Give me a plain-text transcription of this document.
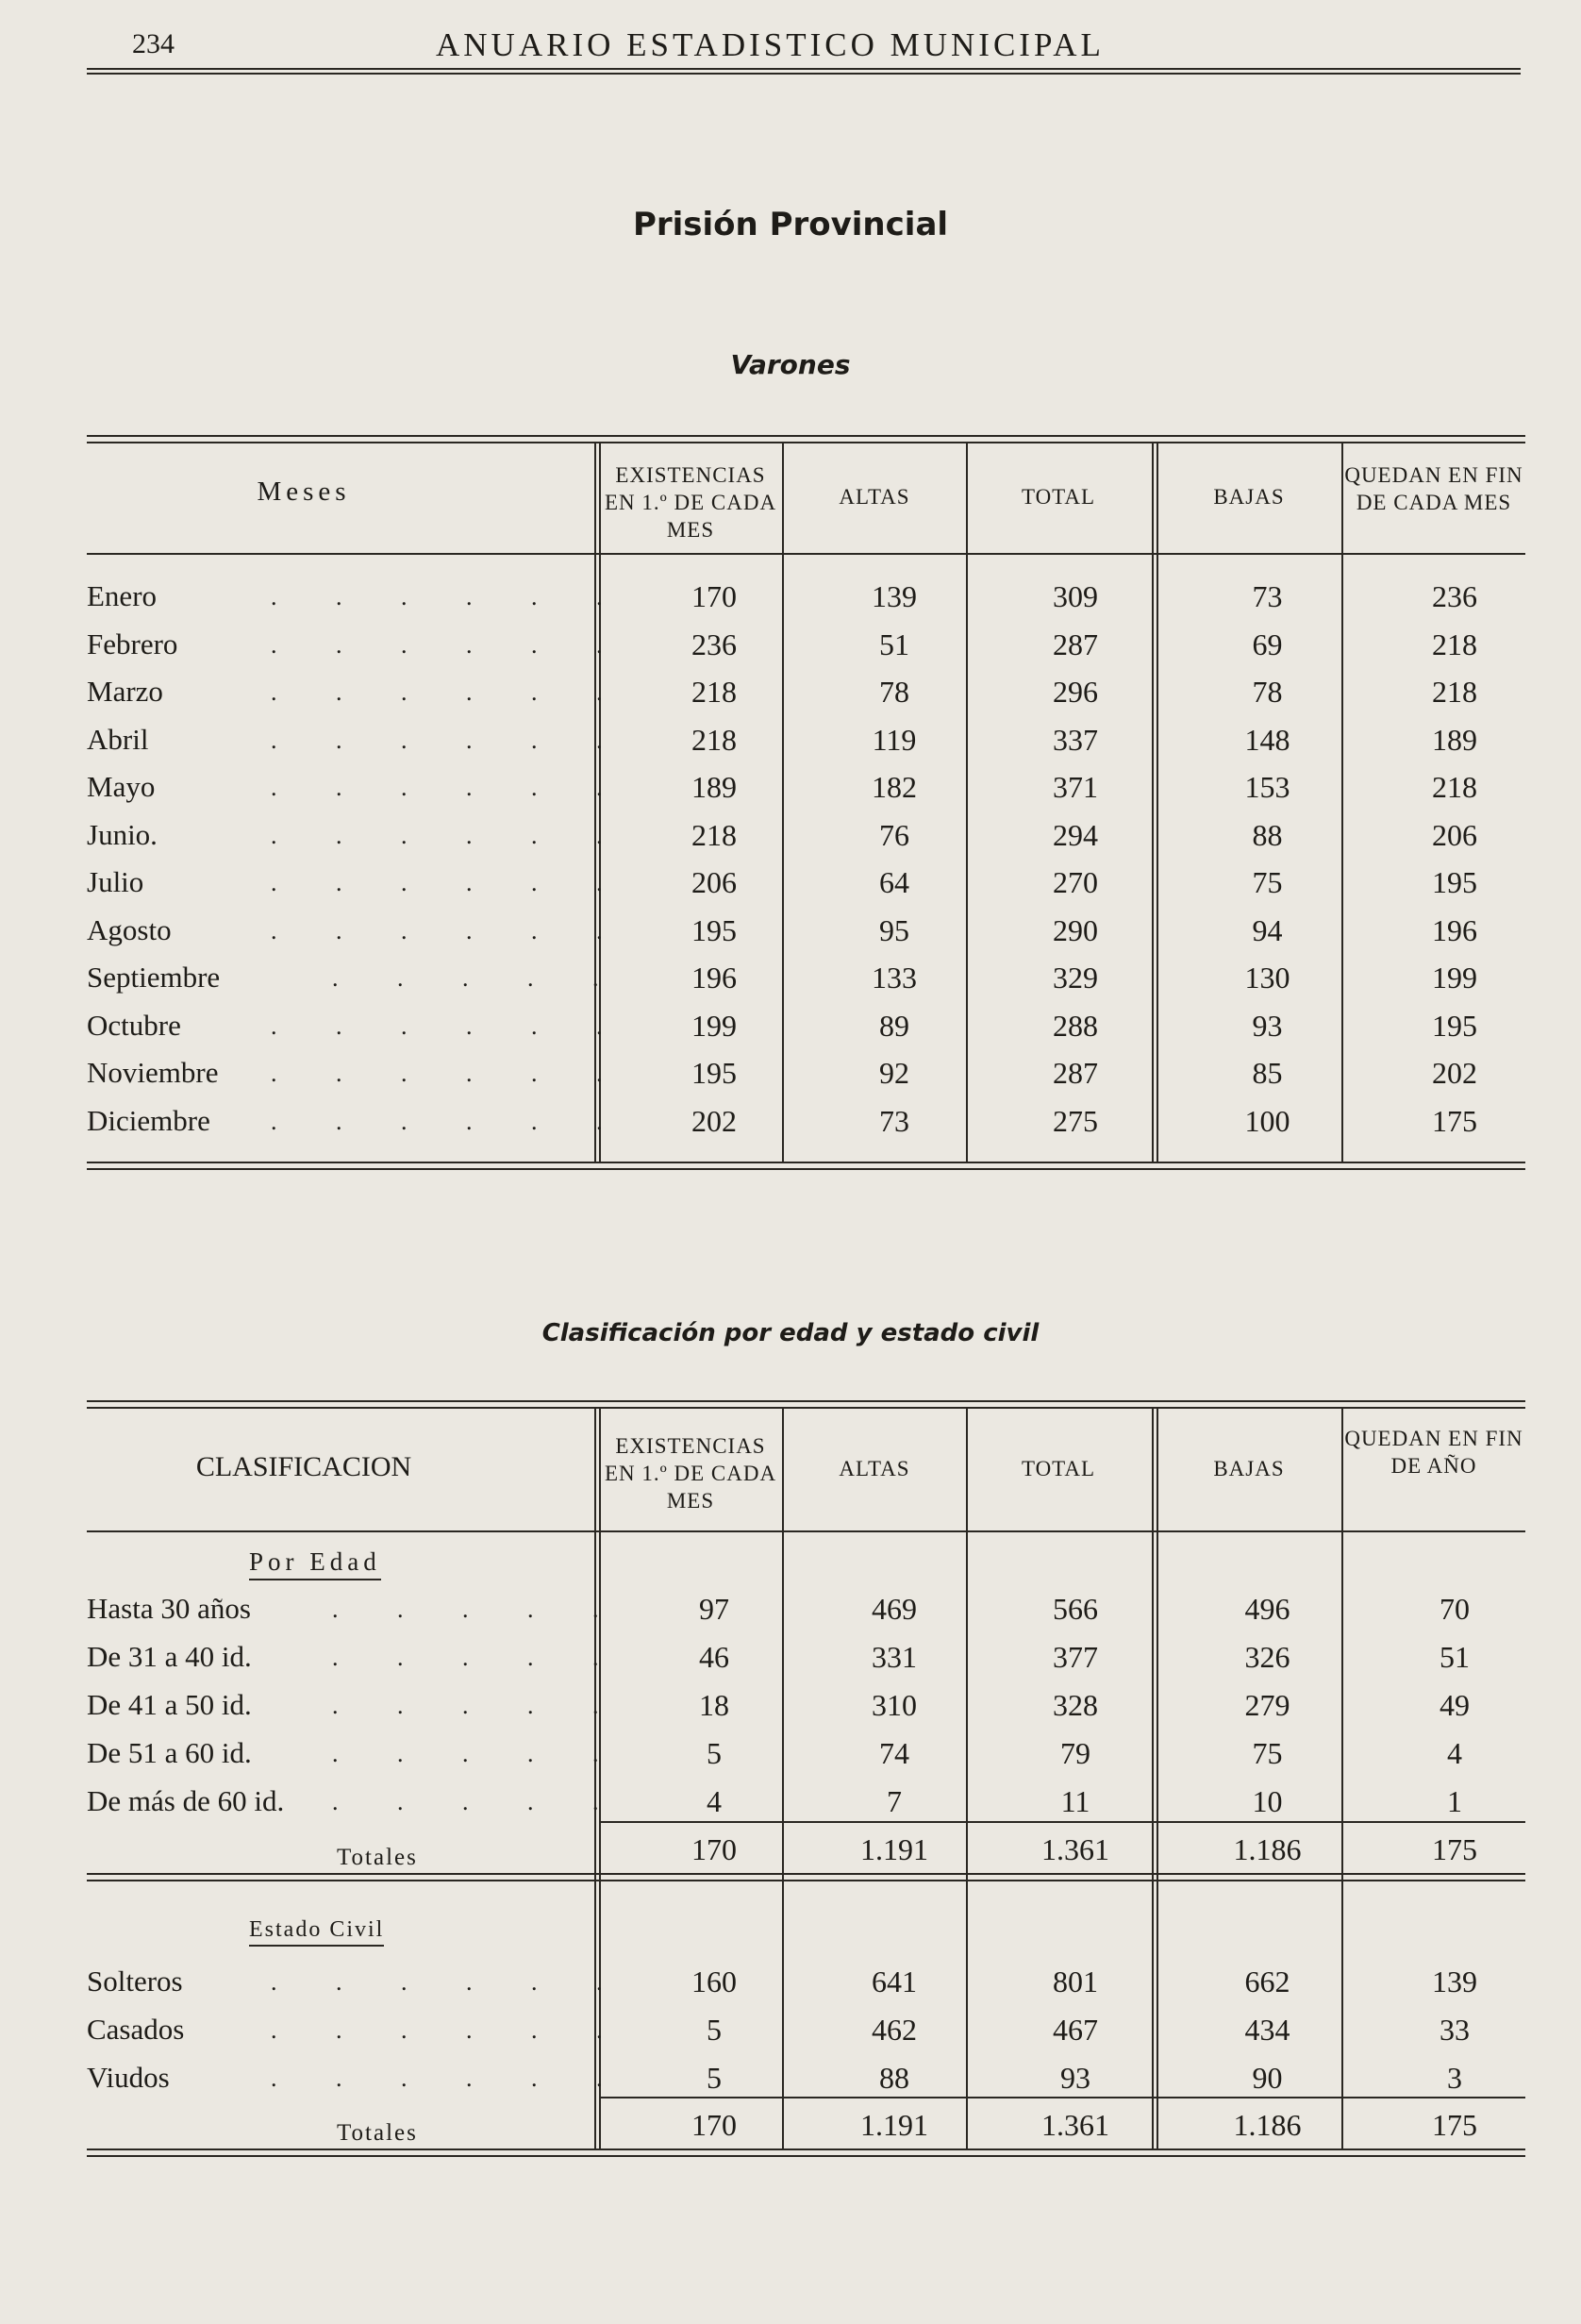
234	ANUARIO ESTADISTICO MUNICIPAL
Prisión Provincial
Varones
Meses
EXISTENCIAS EN 1.º DE CADA MES
ALTAS	TOTAL	BAJAS
QUEDAN EN FIN DE CADA MES
Enero	. . . . . .	170	139	309	73	236
Febrero	. . . . . .	236	51	287	69	218
Marzo	. . . . . .	218	78	296	78	218
Abril	. . . . . .	218	119	337	148	189
Mayo	. . . . . .	189	182	371	153	218
Junio.	. . . . . .	218	76	294	88	206
Julio	. . . . . .	206	64	270	75	195
Agosto	. . . . . .	195	95	290	94	196
Septiembre	. . . . .	196	133	329	130	199
Octubre	. . . . . .	199	89	288	93	195
Noviembre . . . . . .	195	92	287	85	202
Diciembre . . . . . .	202	73	275	100	175
Clasificación por edad y estado civil
CLASIFICACION
EXISTENCIAS EN 1.º DE CADA MES
ALTAS	TOTAL	BAJAS
QUEDAN EN FIN DE AÑO
Por Edad
Hasta 30 años	. . . . .	97	469	566	496	70
De 31 a 40 id.	. . . . .	46	331	377	326	51
De 41 a 50 id.	. . . . .	18	310	328	279	49
De 51 a 60 id.	. . . . .	5	74	79	75	4
De más de 60 id. . . . . .	4	7	11	10	1
Totales	170	1.191	1.361	1.186	175
Estado Civil
Solteros	. . . . . .	160	641	801	662	139
Casados	. . . . . .	5	462	467	434	33
Viudos	. . . . . .	5	88	93	90	3
Totales	170	1.191	1.361	1.186	175
